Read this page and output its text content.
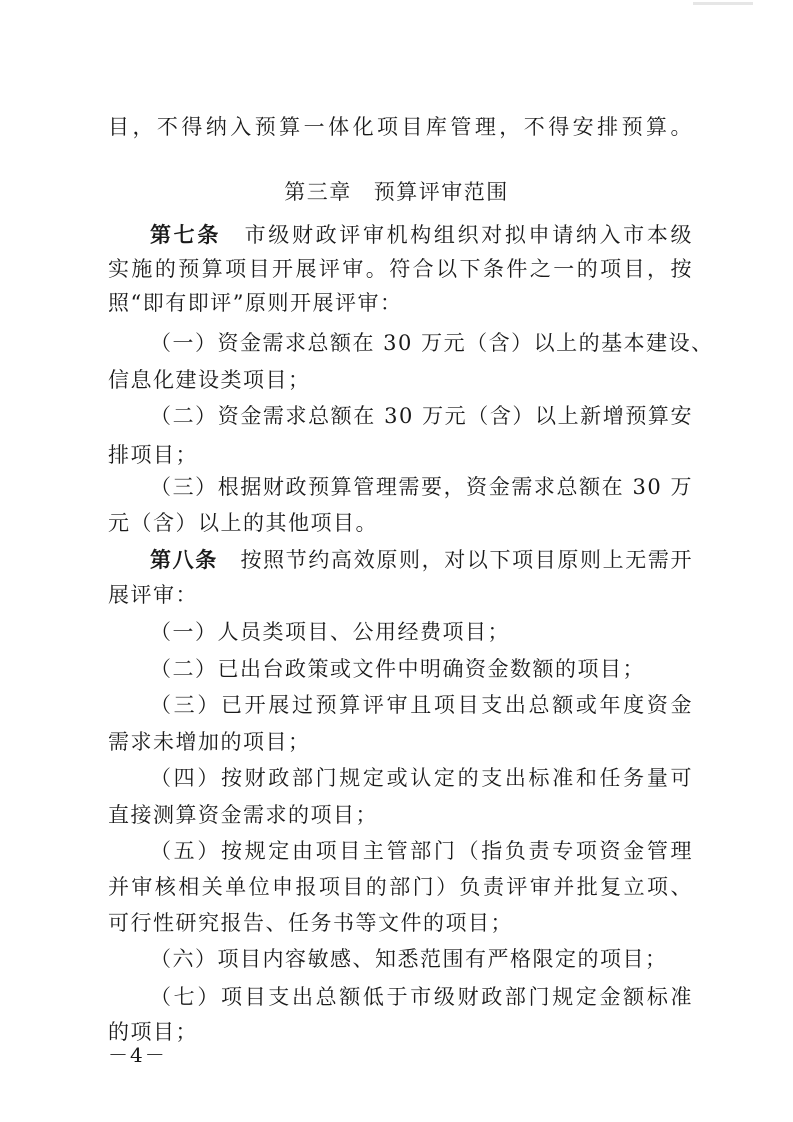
目，不得纳入预算一体化项目库管理，不得安排预算。
第三章 预算评审范围
第七条  市级财政评审机构组织对拟申请纳入市本级
实施的预算项目开展评审。符合以下条件之一的项目，按
照“即有即评”原则开展评审：
（一）资金需求总额在 30 万元（含）以上的基本建设、
信息化建设类项目；
（二）资金需求总额在 30 万元（含）以上新增预算安
排项目；
（三）根据财政预算管理需要，资金需求总额在 30 万
元（含）以上的其他项目。
第八条  按照节约高效原则，对以下项目原则上无需开
展评审：
（一）人员类项目、公用经费项目；
（二）已出台政策或文件中明确资金数额的项目；
（三）已开展过预算评审且项目支出总额或年度资金
需求未增加的项目；
（四）按财政部门规定或认定的支出标准和任务量可
直接测算资金需求的项目；
（五）按规定由项目主管部门（指负责专项资金管理
并审核相关单位申报项目的部门）负责评审并批复立项、
可行性研究报告、任务书等文件的项目；
（六）项目内容敏感、知悉范围有严格限定的项目；
（七）项目支出总额低于市级财政部门规定金额标准
的项目；
－4－
